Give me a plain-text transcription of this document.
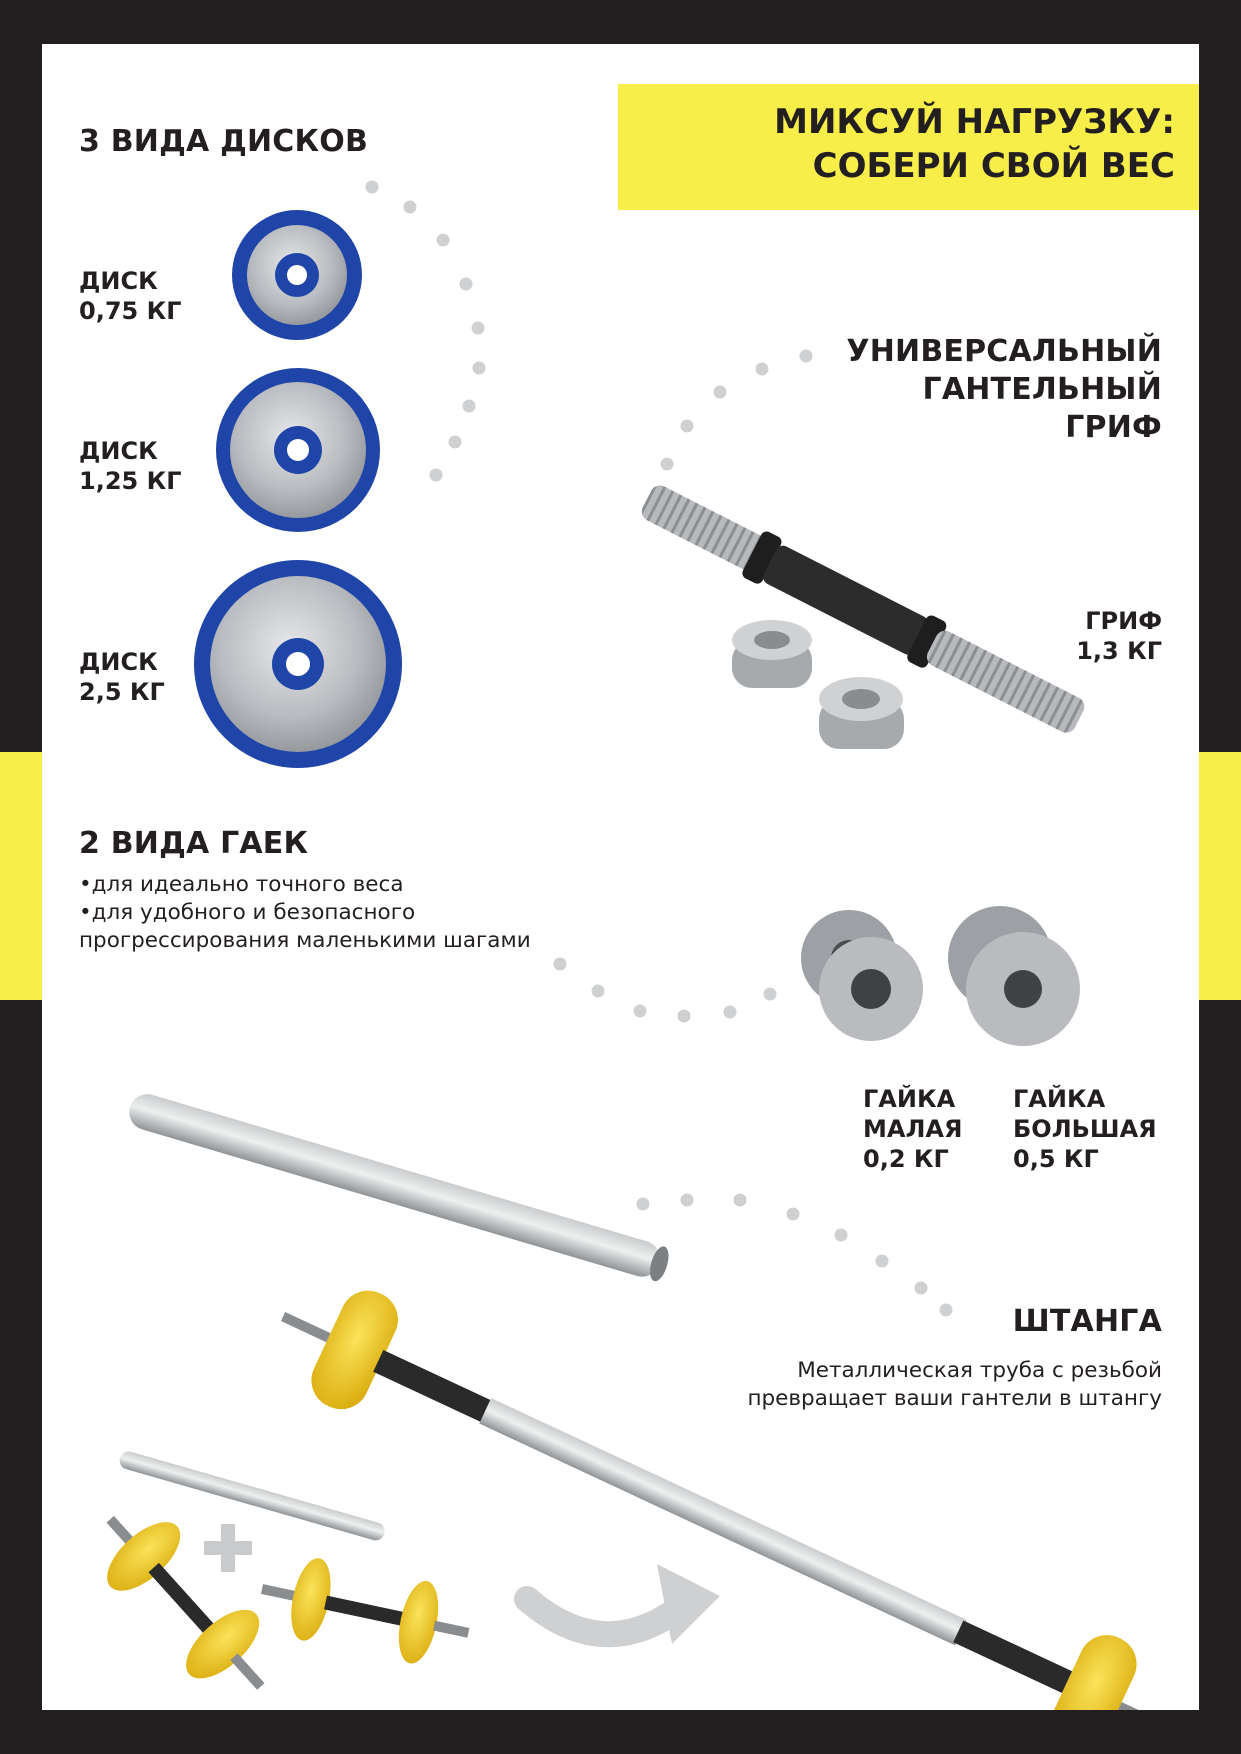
МИКСУЙ НАГРУЗКУ:
СОБЕРИ СВОЙ ВЕС
3 ВИДА ДИСКОВ
ДИСК
0,75 КГ
ДИСК
1,25 КГ
ДИСК
2,5 КГ
УНИВЕРСАЛЬНЫЙ
ГАНТЕЛЬНЫЙ
ГРИФ
ГРИФ
1,3 КГ
2 ВИДА ГАЕК
•для идеально точного веса
•для удобного и безопасного
прогрессирования маленькими шагами
ГАЙКА
МАЛАЯ
0,2 КГ
ГАЙКА
БОЛЬШАЯ
0,5 КГ
ШТАНГА
Металлическая труба с резьбой
превращает ваши гантели в штангу
